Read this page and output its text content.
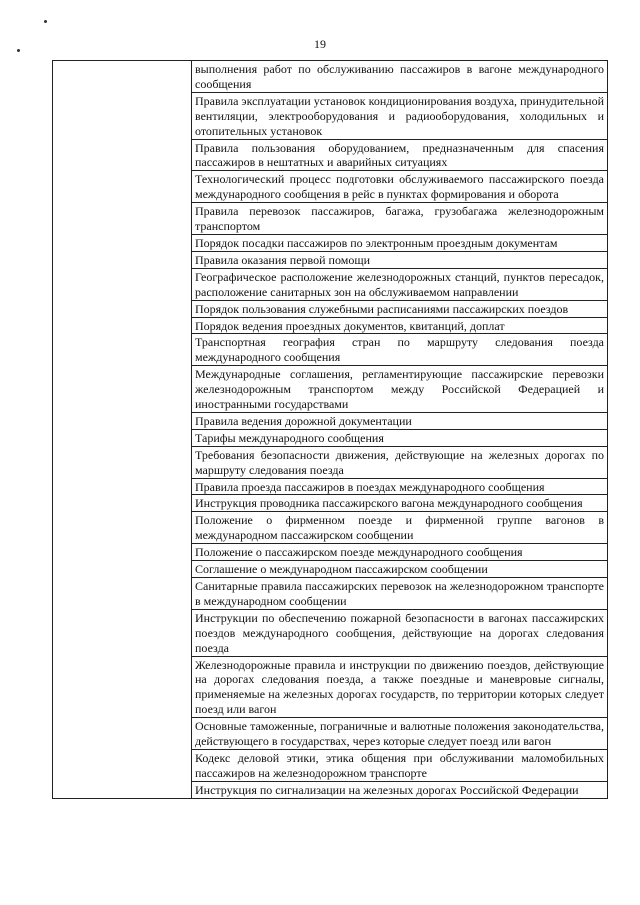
19
	выполнения работ по обслуживанию пассажиров в вагоне международного сообщения
	Правила эксплуатации установок кондиционирования воздуха, принудительной вентиляции, электрооборудования и радиооборудования, холодильных и отопительных установок
	Правила пользования оборудованием, предназначенным для спасения пассажиров в нештатных и аварийных ситуациях
	Технологический процесс подготовки обслуживаемого пассажирского поезда международного сообщения в рейс в пунктах формирования и оборота
	Правила перевозок пассажиров, багажа, грузобагажа железнодорожным транспортом
	Порядок посадки пассажиров по электронным проездным документам
	Правила оказания первой помощи
	Географическое расположение железнодорожных станций, пунктов пересадок, расположение санитарных зон на обслуживаемом направлении
	Порядок пользования служебными расписаниями пассажирских поездов
	Порядок ведения проездных документов, квитанций, доплат
	Транспортная география стран по маршруту следования поезда международного сообщения
	Международные соглашения, регламентирующие пассажирские перевозки железнодорожным транспортом между Российской Федерацией и иностранными государствами
	Правила ведения дорожной документации
	Тарифы международного сообщения
	Требования безопасности движения, действующие на железных дорогах по маршруту следования поезда
	Правила проезда пассажиров в поездах международного сообщения
	Инструкция проводника пассажирского вагона международного сообщения
	Положение о фирменном поезде и фирменной группе вагонов в международном пассажирском сообщении
	Положение о пассажирском поезде международного сообщения
	Соглашение о международном пассажирском сообщении
	Санитарные правила пассажирских перевозок на железнодорожном транспорте в международном сообщении
	Инструкции по обеспечению пожарной безопасности в вагонах пассажирских поездов международного сообщения, действующие на дорогах следования поезда
	Железнодорожные правила и инструкции по движению поездов, действующие на дорогах следования поезда, а также поездные и маневровые сигналы, применяемые на железных дорогах государств, по территории которых следует поезд или вагон
	Основные таможенные, пограничные и валютные положения законодательства, действующего в государствах, через которые следует поезд или вагон
	Кодекс деловой этики, этика общения при обслуживании маломобильных пассажиров на железнодорожном транспорте
	Инструкция по сигнализации на железных дорогах Российской Федерации
